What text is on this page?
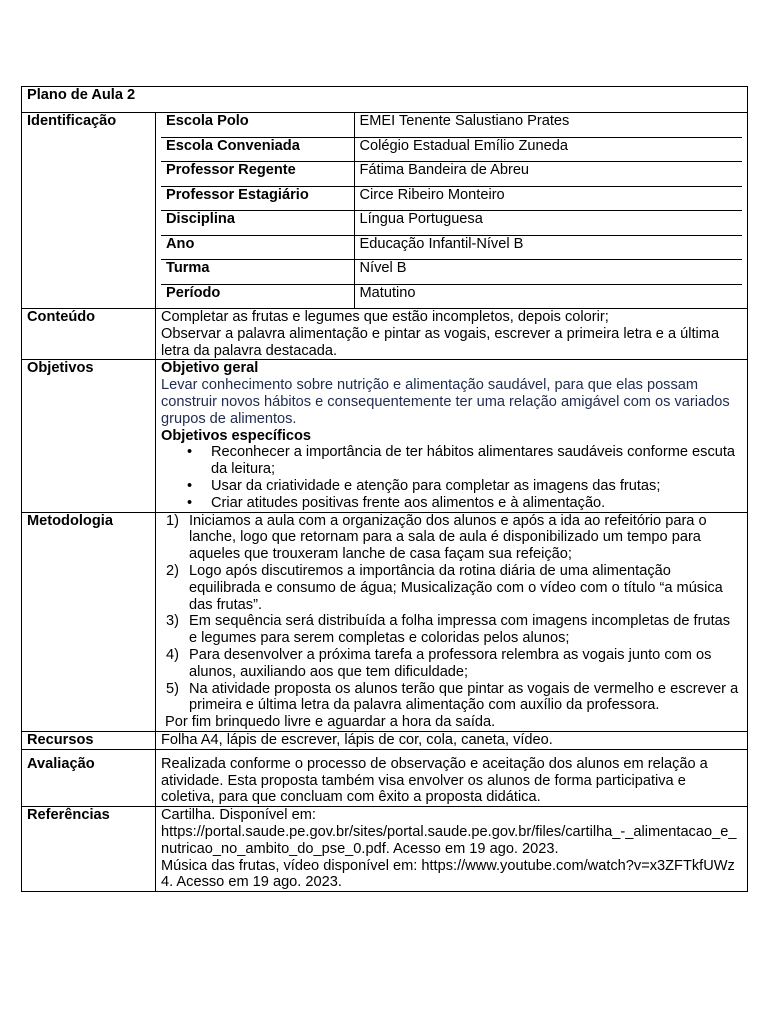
Plano de Aula 2
Identificação		Escola Polo	EMEI Tenente Salustiano Prates
Escola Conveniada	Colégio Estadual Emílio Zuneda
Professor Regente	Fátima Bandeira de Abreu
Professor Estagiário	Circe Ribeiro Monteiro
Disciplina	Língua Portuguesa
Ano	Educação Infantil-Nível B
Turma	Nível B
Período	Matutino

Conteúdo	Completar as frutas e legumes que estão incompletos, depois colorir;
Observar a palavra alimentação e pintar as vogais, escrever a primeira letra e a última letra da palavra destacada.

Objetivos	Objetivo geral
Levar conhecimento sobre nutrição e alimentação saudável, para que elas possam construir novos hábitos e consequentemente ter uma relação amigável com os variados grupos de alimentos.
Objetivos específicos
• Reconhecer a importância de ter hábitos alimentares saudáveis conforme escuta da leitura;
• Usar da criatividade e atenção para completar as imagens das frutas;
• Criar atitudes positivas frente aos alimentos e à alimentação.

Metodologia	1) Iniciamos a aula com a organização dos alunos e após a ida ao refeitório para o lanche, logo que retornam para a sala de aula é disponibilizado um tempo para aqueles que trouxeram lanche de casa façam sua refeição;
2) Logo após discutiremos a importância da rotina diária de uma alimentação equilibrada e consumo de água; Musicalização com o vídeo com o título “a música das frutas”.
3) Em sequência será distribuída a folha impressa com imagens incompletas de frutas e legumes para serem completas e coloridas pelos alunos;
4) Para desenvolver a próxima tarefa a professora relembra as vogais junto com os alunos, auxiliando aos que tem dificuldade;
5) Na atividade proposta os alunos terão que pintar as vogais de vermelho e escrever a primeira e última letra da palavra alimentação com auxílio da professora.
Por fim brinquedo livre e aguardar a hora da saída.

Recursos	Folha A4, lápis de escrever, lápis de cor, cola, caneta, vídeo.
Avaliação	Realizada conforme o processo de observação e aceitação dos alunos em relação a atividade. Esta proposta também visa envolver os alunos de forma participativa e coletiva, para que concluam com êxito a proposta didática.
Referências	Cartilha. Disponível em:
https://portal.saude.pe.gov.br/sites/portal.saude.pe.gov.br/files/cartilha_-_alimentacao_e_nutricao_no_ambito_do_pse_0.pdf. Acesso em 19 ago. 2023.
Música das frutas, vídeo disponível em: https://www.youtube.com/watch?v=x3ZFTkfUWz4. Acesso em 19 ago. 2023.
